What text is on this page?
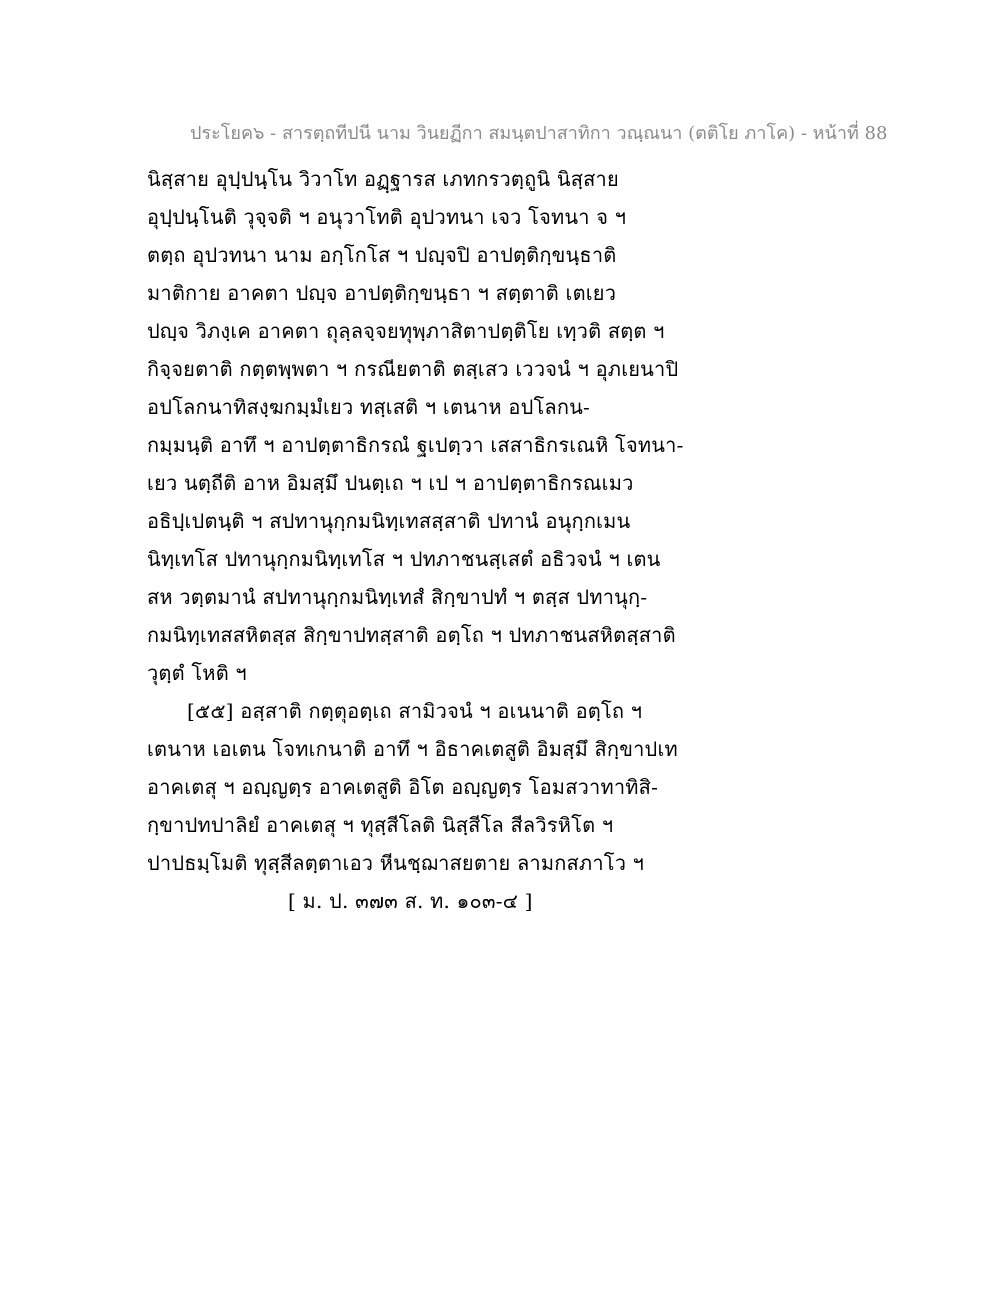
ประโยค๖ - สารตฺถทีปนี นาม วินยฏีกา สมนฺตปาสาทิกา วณฺณนา (ตติโย ภาโค) - หน้าที่ 88
นิสฺสาย อุปฺปนฺโน วิวาโท อฏฺฐารส เภทกรวตฺถูนิ นิสฺสาย
อุปฺปนฺโนติ วุจฺจติ ฯ อนุวาโทติ อุปวทนา เจว โจทนา จ ฯ
ตตฺถ อุปวทนา นาม อกฺโกโส ฯ ปญฺจปิ อาปตฺติกฺขนฺธาติ
มาติกาย อาคตา ปญฺจ อาปตฺติกฺขนฺธา ฯ สตฺตาติ เตเยว
ปญฺจ วิภงฺเค อาคตา ถุลฺลจฺจยทุพฺภาสิตาปตฺติโย เทฺวติ สตฺต ฯ
กิจฺจยตาติ กตฺตพฺพตา ฯ กรณียตาติ ตสฺเสว เววจนํ ฯ อุภเยนาปิ
อปโลกนาทิสงฺฆกมฺมํเยว ทสฺเสติ ฯ เตนาห อปโลกน-
กมฺมนฺติ อาทึ ฯ อาปตฺตาธิกรณํ ฐเปตฺวา เสสาธิกรเณหิ โจทนา-
เยว นตฺถีติ อาห อิมสฺมึ ปนตฺเถ ฯ เป ฯ อาปตฺตาธิกรณเมว
อธิปฺเปตนฺติ ฯ สปทานุกฺกมนิทฺเทสสฺสาติ ปทานํ อนุกฺกเมน
นิทฺเทโส ปทานุกฺกมนิทฺเทโส ฯ ปทภาชนสฺเสตํ อธิวจนํ ฯ เตน
สห วตฺตมานํ สปทานุกฺกมนิทฺเทสํ สิกฺขาปทํ ฯ ตสฺส ปทานุกฺ-
กมนิทฺเทสสหิตสฺส สิกฺขาปทสฺสาติ อตฺโถ ฯ ปทภาชนสหิตสฺสาติ
วุตฺตํ โหติ ฯ
[๕๕] อสฺสาติ กตฺตุอตฺเถ สามิวจนํ ฯ อเนนาติ อตฺโถ ฯ
เตนาห เอเตน โจทเกนาติ อาทึ ฯ อิธาคเตสูติ อิมสฺมึ สิกฺขาปเท
อาคเตสุ ฯ อญฺญตฺร อาคเตสูติ อิโต อญฺญตฺร โอมสวาทาทิสิ-
กฺขาปทปาลิยํ อาคเตสุ ฯ ทุสฺสีโลติ นิสฺสีโล สีลวิรหิโต ฯ
ปาปธมฺโมติ ทุสฺสีลตฺตาเอว หีนชฺฌาสยตาย ลามกสภาโว ฯ
[ ม. ป. ๓๗๓ ส. ท. ๑๐๓-๔ ]
